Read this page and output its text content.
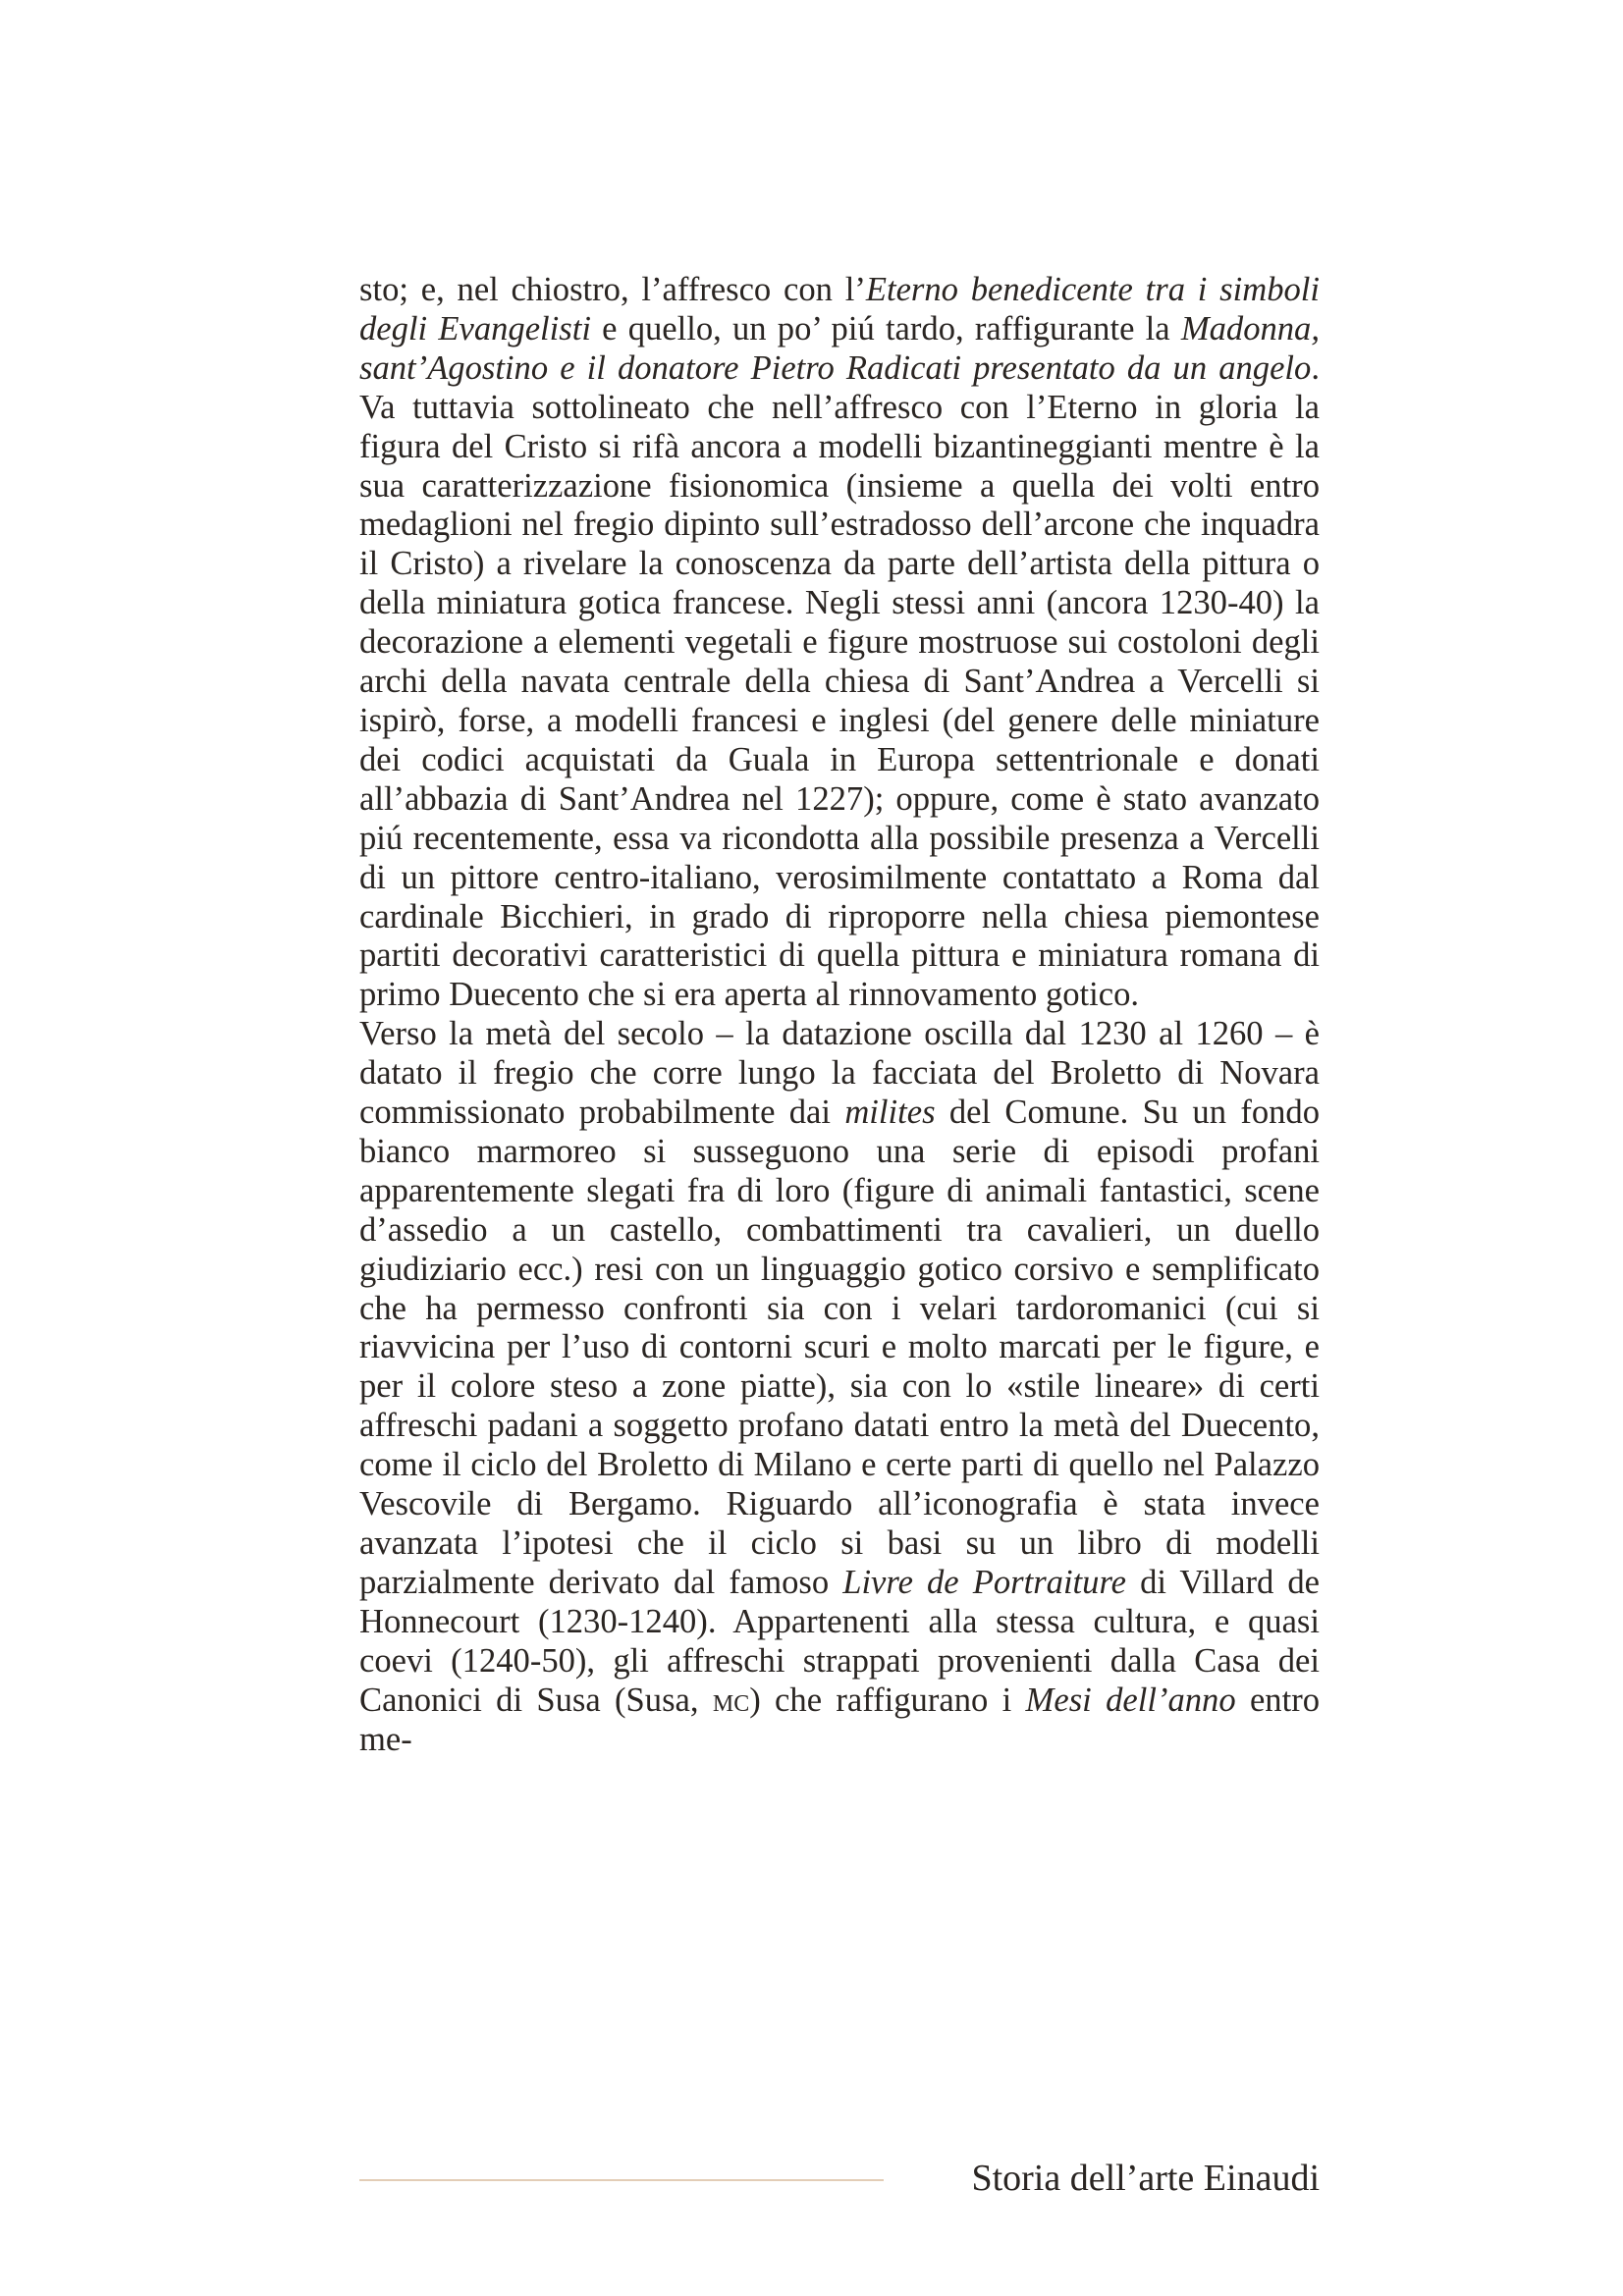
sto; e, nel chiostro, l’affresco con l’Eterno benedicente tra i simboli degli Evangelisti e quello, un po’ piú tardo, raffigurante la Madonna, sant’Agostino e il donatore Pietro Radicati presentato da un angelo. Va tuttavia sottolineato che nell’affresco con l’Eterno in gloria la figura del Cristo si rifà ancora a modelli bizantineggianti mentre è la sua caratterizzazione fisionomica (insieme a quella dei volti entro medaglioni nel fregio dipinto sull’estradosso dell’arcone che inquadra il Cristo) a rivelare la conoscenza da parte dell’artista della pittura o della miniatura gotica francese. Negli stessi anni (ancora 1230-40) la decorazione a elementi vegetali e figure mostruose sui costoloni degli archi della navata centrale della chiesa di Sant’Andrea a Vercelli si ispirò, forse, a modelli francesi e inglesi (del genere delle miniature dei codici acquistati da Guala in Europa settentrionale e donati all’abbazia di Sant’Andrea nel 1227); oppure, come è stato avanzato piú recentemente, essa va ricondotta alla possibile presenza a Vercelli di un pittore centro-italiano, verosimilmente contattato a Roma dal cardinale Bicchieri, in grado di riproporre nella chiesa piemontese partiti decorativi caratteristici di quella pittura e miniatura romana di primo Duecento che si era aperta al rinnovamento gotico.

Verso la metà del secolo – la datazione oscilla dal 1230 al 1260 – è datato il fregio che corre lungo la facciata del Broletto di Novara commissionato probabilmente dai milites del Comune. Su un fondo bianco marmoreo si susseguono una serie di episodi profani apparentemente slegati fra di loro (figure di animali fantastici, scene d’assedio a un castello, combattimenti tra cavalieri, un duello giudiziario ecc.) resi con un linguaggio gotico corsivo e semplificato che ha permesso confronti sia con i velari tardoromanici (cui si riavvicina per l’uso di contorni scuri e molto marcati per le figure, e per il colore steso a zone piatte), sia con lo «stile lineare» di certi affreschi padani a soggetto profano datati entro la metà del Duecento, come il ciclo del Broletto di Milano e certe parti di quello nel Palazzo Vescovile di Bergamo. Riguardo all’iconografia è stata invece avanzata l’ipotesi che il ciclo si basi su un libro di modelli parzialmente derivato dal famoso Livre de Portraiture di Villard de Honnecourt (1230-1240). Appartenenti alla stessa cultura, e quasi coevi (1240-50), gli affreschi strappati provenienti dalla Casa dei Canonici di Susa (Susa, mc) che raffigurano i Mesi dell’anno entro me-

Storia dell’arte Einaudi
